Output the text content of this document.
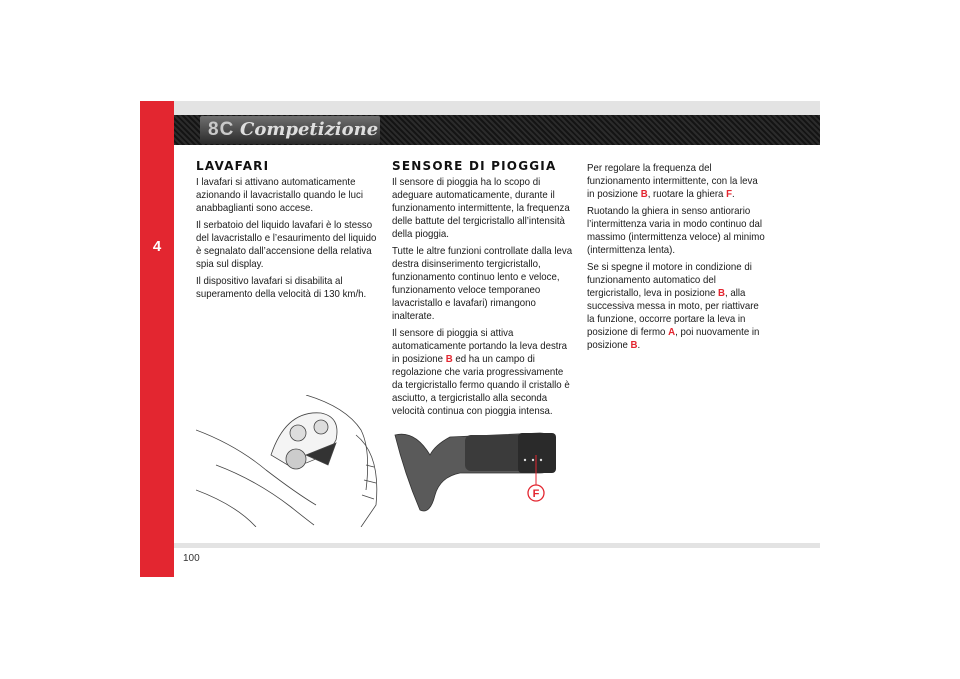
4
8C Competizione
LAVAFARI

I lavafari si attivano automaticamente azionando il lavacristallo quando le luci anabbaglianti sono accese.

Il serbatoio del liquido lavafari è lo stesso del lavacristallo e l’esaurimento del liquido è segnalato dall’accensione della relativa spia sul display.

Il dispositivo lavafari si disabilita al superamento della velocità di 130 km/h.

SENSORE DI PIOGGIA

Il sensore di pioggia ha lo scopo di adeguare automaticamente, durante il funzionamento intermittente, la frequenza delle battute del tergicristallo all’intensità della pioggia.

Tutte le altre funzioni controllate dalla leva destra disinserimento tergicristallo, funzionamento continuo lento e veloce, funzionamento veloce temporaneo lavacristallo e lavafari) rimangono inalterate.

Il sensore di pioggia si attiva automaticamente portando la leva destra in posizione B ed ha un campo di regolazione che varia progressivamente da tergicristallo fermo quando il cristallo è asciutto, a tergicristallo alla seconda velocità continua con pioggia intensa.

Per regolare la frequenza del funzionamento intermittente, con la leva in posizione B, ruotare la ghiera F.

Ruotando la ghiera in senso antiorario l’intermittenza varia in modo continuo dal massimo (intermittenza veloce) al minimo (intermittenza lenta).

Se si spegne il motore in condizione di funzionamento automatico del tergicristallo, leva in posizione B, alla successiva messa in moto, per riattivare la funzione, occorre portare la leva in posizione di fermo A, poi nuovamente in posizione B.

F
100
